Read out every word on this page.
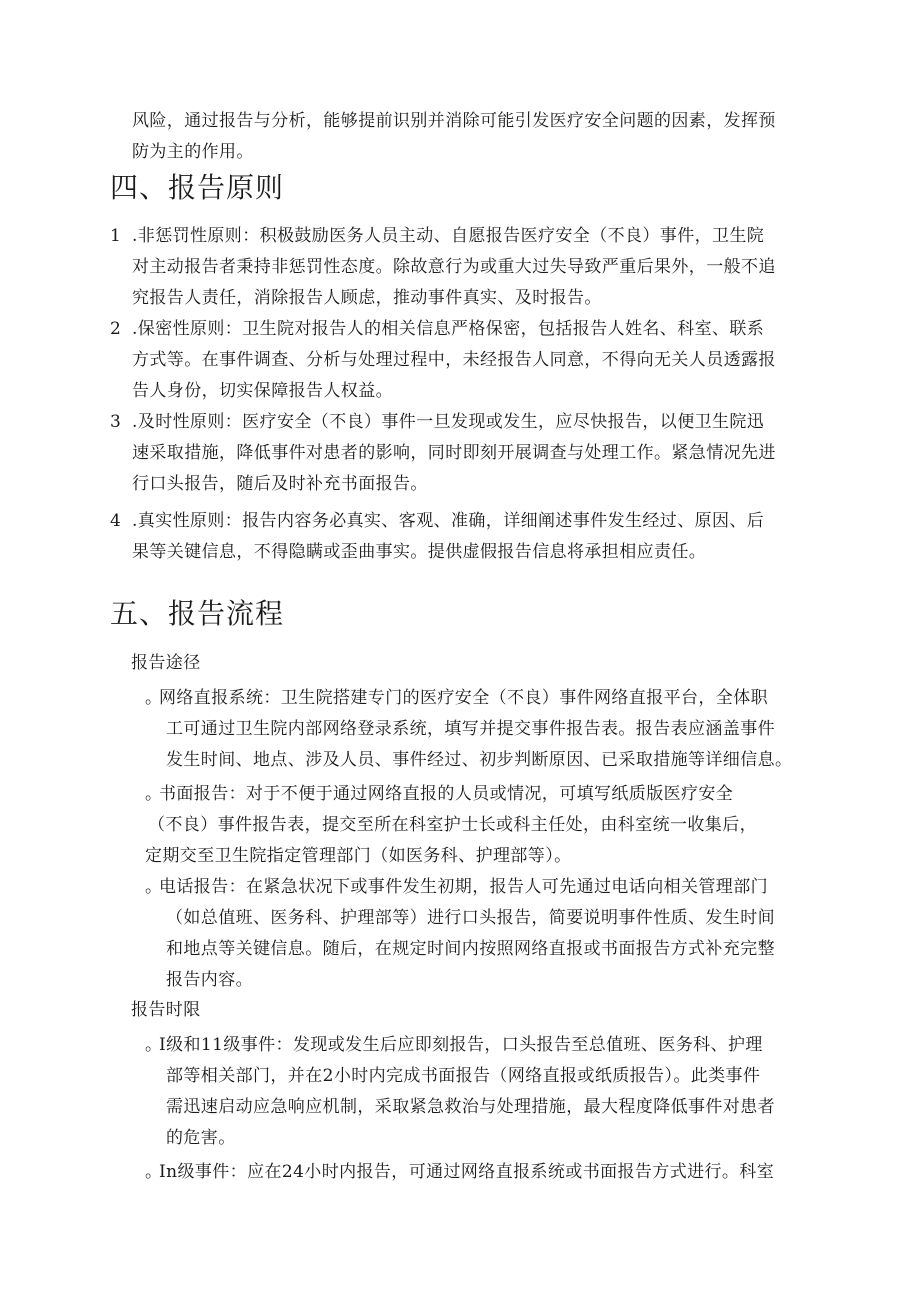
风险，通过报告与分析，能够提前识别并消除可能引发医疗安全问题的因素，发挥预
防为主的作用。
四、报告原则
1 .非惩罚性原则：积极鼓励医务人员主动、自愿报告医疗安全（不良）事件，卫生院
对主动报告者秉持非惩罚性态度。除故意行为或重大过失导致严重后果外，一般不追
究报告人责任，消除报告人顾虑，推动事件真实、及时报告。
2 .保密性原则：卫生院对报告人的相关信息严格保密，包括报告人姓名、科室、联系
方式等。在事件调查、分析与处理过程中，未经报告人同意，不得向无关人员透露报
告人身份，切实保障报告人权益。
3 .及时性原则：医疗安全（不良）事件一旦发现或发生，应尽快报告，以便卫生院迅
速采取措施，降低事件对患者的影响，同时即刻开展调查与处理工作。紧急情况先进
行口头报告，随后及时补充书面报告。
4 .真实性原则：报告内容务必真实、客观、准确，详细阐述事件发生经过、原因、后
果等关键信息，不得隐瞒或歪曲事实。提供虚假报告信息将承担相应责任。
五、报告流程
报告途径
。网络直报系统：卫生院搭建专门的医疗安全（不良）事件网络直报平台，全体职
工可通过卫生院内部网络登录系统，填写并提交事件报告表。报告表应涵盖事件
发生时间、地点、涉及人员、事件经过、初步判断原因、已采取措施等详细信息。
。书面报告：对于不便于通过网络直报的人员或情况，可填写纸质版医疗安全
（不良）事件报告表，提交至所在科室护士长或科主任处，由科室统一收集后，
定期交至卫生院指定管理部门（如医务科、护理部等）。
。电话报告：在紧急状况下或事件发生初期，报告人可先通过电话向相关管理部门
（如总值班、医务科、护理部等）进行口头报告，简要说明事件性质、发生时间
和地点等关键信息。随后，在规定时间内按照网络直报或书面报告方式补充完整
报告内容。
报告时限
。I级和11级事件：发现或发生后应即刻报告，口头报告至总值班、医务科、护理
部等相关部门，并在2小时内完成书面报告（网络直报或纸质报告）。此类事件
需迅速启动应急响应机制，采取紧急救治与处理措施，最大程度降低事件对患者
的危害。
。In级事件：应在24小时内报告，可通过网络直报系统或书面报告方式进行。科室
